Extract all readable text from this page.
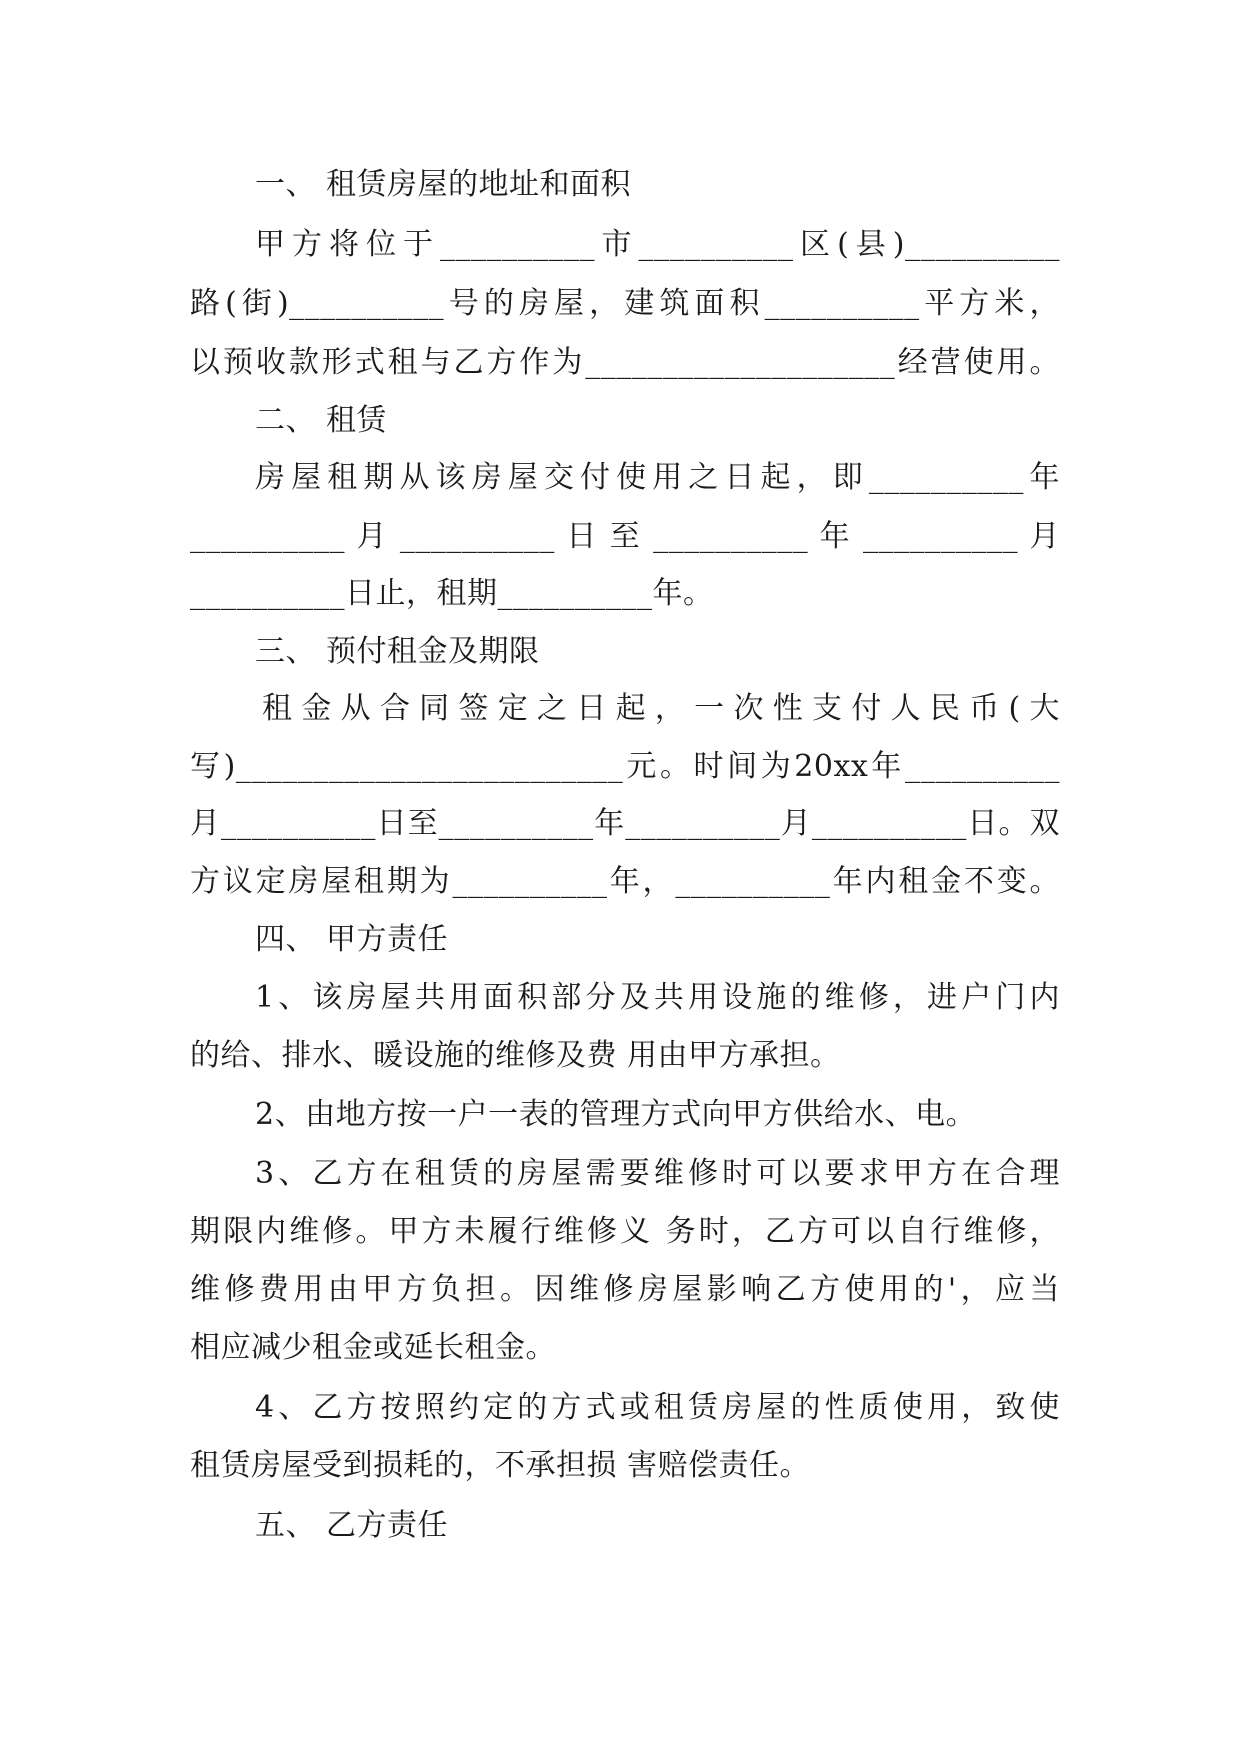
一、 租赁房屋的地址和面积
甲方将位于__________市__________区(县)__________
路(街)__________号的房屋，建筑面积__________平方米，
以预收款形式租与乙方作为____________________经营使用。
二、 租赁
房屋租期从该房屋交付使用之日起，即__________年
__________ 月 __________ 日 至 __________ 年 __________ 月
__________日止，租期__________年。
三、 预付租金及期限
租金从合同签定之日起，一次性支付人民币(大
写)_________________________元。时间为20xx年__________
月__________日至__________年__________月__________日。双
方议定房屋租期为__________年，__________年内租金不变。
四、 甲方责任
1、该房屋共用面积部分及共用设施的维修，进户门内
的给、排水、暖设施的维修及费 用由甲方承担。
2、由地方按一户一表的管理方式向甲方供给水、电。
3、乙方在租赁的房屋需要维修时可以要求甲方在合理
期限内维修。甲方未履行维修义 务时，乙方可以自行维修，
维修费用由甲方负担。因维修房屋影响乙方使用的'，应当
相应减少租金或延长租金。
4、乙方按照约定的方式或租赁房屋的性质使用，致使
租赁房屋受到损耗的，不承担损 害赔偿责任。
五、 乙方责任
